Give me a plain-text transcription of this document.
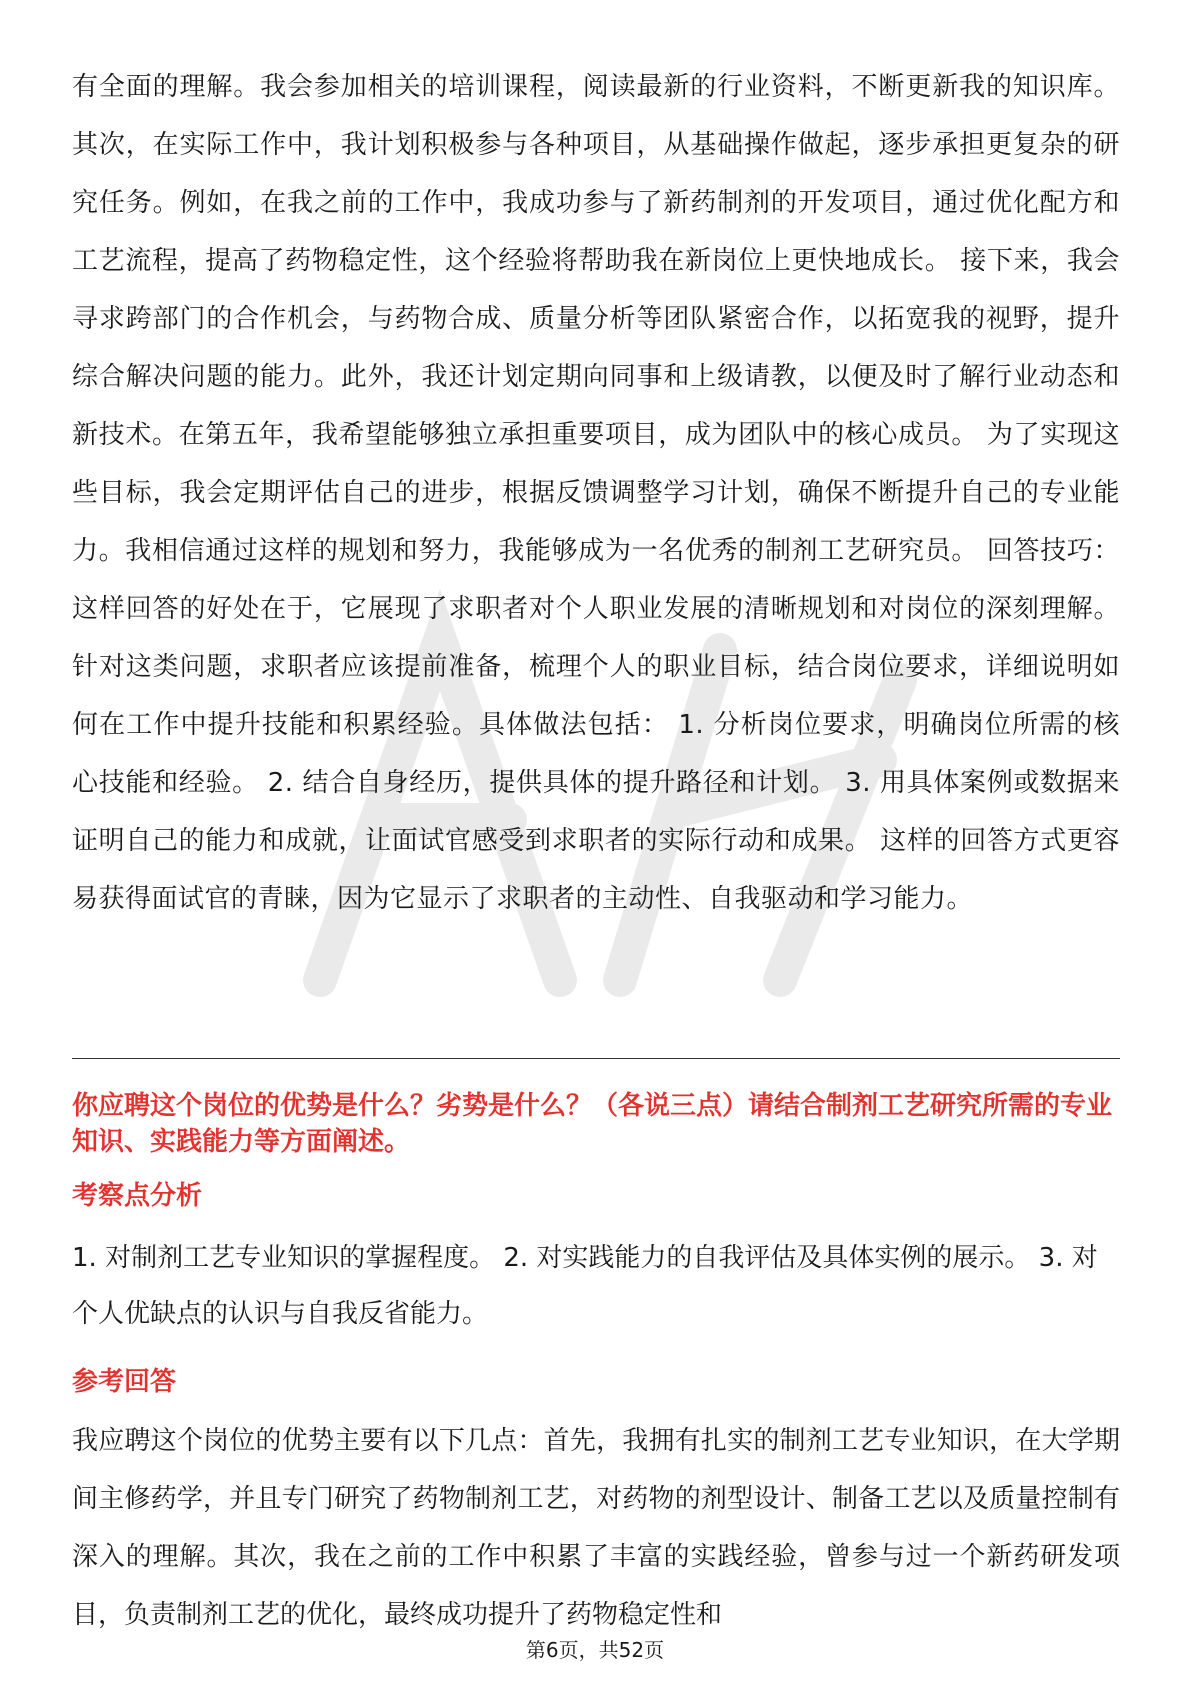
有全面的理解。我会参加相关的培训课程，阅读最新的行业资料，不断更新我的知识库。其次，在实际工作中，我计划积极参与各种项目，从基础操作做起，逐步承担更复杂的研究任务。例如，在我之前的工作中，我成功参与了新药制剂的开发项目，通过优化配方和工艺流程，提高了药物稳定性，这个经验将帮助我在新岗位上更快地成长。 接下来，我会寻求跨部门的合作机会，与药物合成、质量分析等团队紧密合作，以拓宽我的视野，提升综合解决问题的能力。此外，我还计划定期向同事和上级请教，以便及时了解行业动态和新技术。在第五年，我希望能够独立承担重要项目，成为团队中的核心成员。 为了实现这些目标，我会定期评估自己的进步，根据反馈调整学习计划，确保不断提升自己的专业能力。我相信通过这样的规划和努力，我能够成为一名优秀的制剂工艺研究员。 回答技巧： 这样回答的好处在于，它展现了求职者对个人职业发展的清晰规划和对岗位的深刻理解。针对这类问题，求职者应该提前准备，梳理个人的职业目标，结合岗位要求，详细说明如何在工作中提升技能和积累经验。具体做法包括： 1. 分析岗位要求，明确岗位所需的核心技能和经验。 2. 结合自身经历，提供具体的提升路径和计划。 3. 用具体案例或数据来证明自己的能力和成就，让面试官感受到求职者的实际行动和成果。 这样的回答方式更容易获得面试官的青睐，因为它显示了求职者的主动性、自我驱动和学习能力。

你应聘这个岗位的优势是什么？劣势是什么？（各说三点）请结合制剂工艺研究所需的专业知识、实践能力等方面阐述。

考察点分析

1. 对制剂工艺专业知识的掌握程度。 2. 对实践能力的自我评估及具体实例的展示。 3. 对个人优缺点的认识与自我反省能力。

参考回答

我应聘这个岗位的优势主要有以下几点：首先，我拥有扎实的制剂工艺专业知识，在大学期间主修药学，并且专门研究了药物制剂工艺，对药物的剂型设计、制备工艺以及质量控制有深入的理解。其次，我在之前的工作中积累了丰富的实践经验，曾参与过一个新药研发项目，负责制剂工艺的优化，最终成功提升了药物稳定性和

第6页，共52页
